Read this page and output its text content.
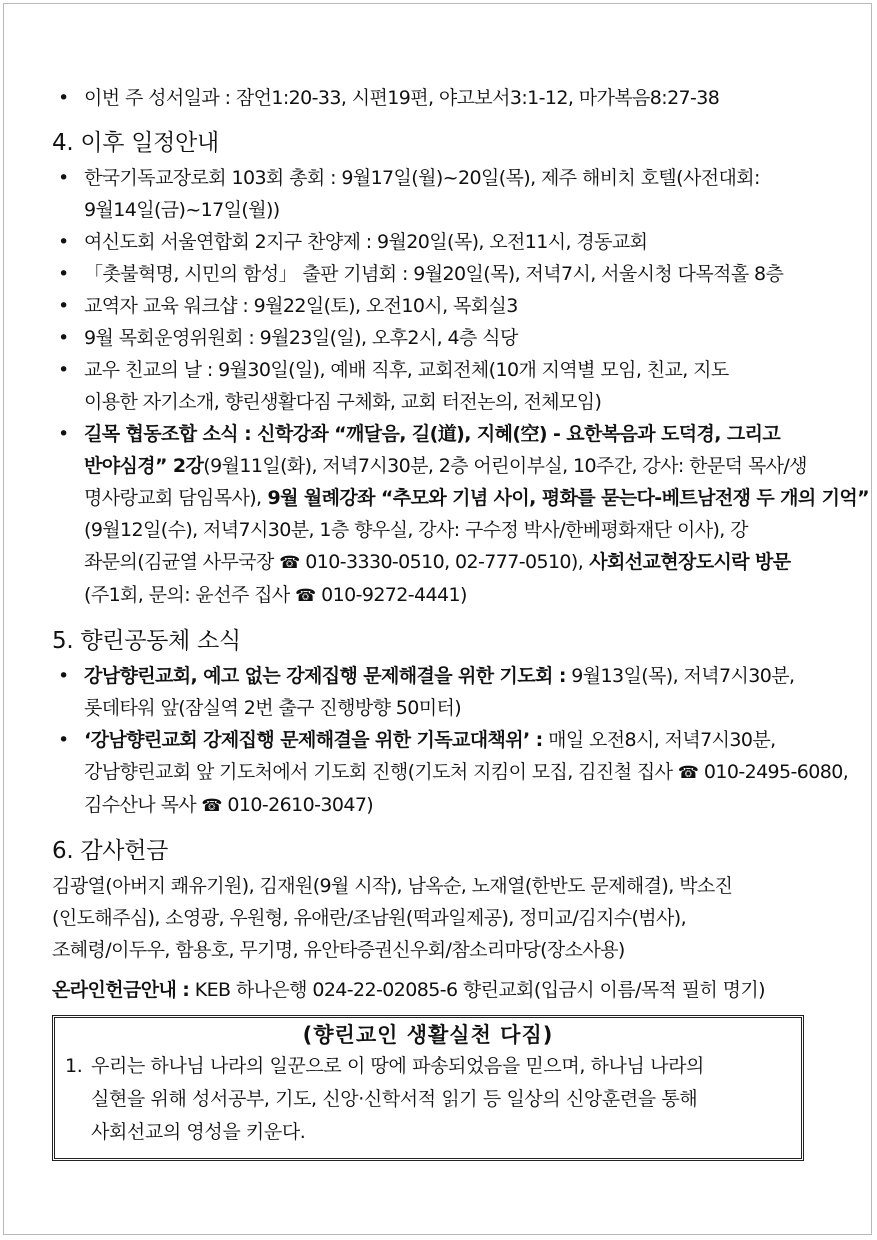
• 이번 주 성서일과 : 잠언1:20-33, 시편19편, 야고보서3:1-12, 마가복음8:27-38
4. 이후 일정안내
• 한국기독교장로회 103회 총회 : 9월17일(월)~20일(목), 제주 해비치 호텔(사전대회:
9월14일(금)~17일(월))
• 여신도회 서울연합회 2지구 찬양제 : 9월20일(목), 오전11시, 경동교회
• 「촛불혁명, 시민의 함성」 출판 기념회 : 9월20일(목), 저녁7시, 서울시청 다목적홀 8층
• 교역자 교육 워크샵 : 9월22일(토), 오전10시, 목회실3
• 9월 목회운영위원회 : 9월23일(일), 오후2시, 4층 식당
• 교우 친교의 날 : 9월30일(일), 예배 직후, 교회전체(10개 지역별 모임, 친교, 지도
이용한 자기소개, 향린생활다짐 구체화, 교회 터전논의, 전체모임)
• 길목 협동조합 소식 : 신학강좌 “깨달음, 길(道), 지혜(空) - 요한복음과 도덕경, 그리고
반야심경” 2강(9월11일(화), 저녁7시30분, 2층 어린이부실, 10주간, 강사: 한문덕 목사/생
명사랑교회 담임목사), 9월 월례강좌 “추모와 기념 사이, 평화를 묻는다-베트남전쟁 두 개의 기억”
(9월12일(수), 저녁7시30분, 1층 향우실, 강사: 구수정 박사/한베평화재단 이사), 강
좌문의(김균열 사무국장 ☎ 010-3330-0510, 02-777-0510), 사회선교현장도시락 방문
(주1회, 문의: 윤선주 집사 ☎ 010-9272-4441)
5. 향린공동체 소식
• 강남향린교회, 예고 없는 강제집행 문제해결을 위한 기도회 : 9월13일(목), 저녁7시30분,
롯데타워 앞(잠실역 2번 출구 진행방향 50미터)
• ‘강남향린교회 강제집행 문제해결을 위한 기독교대책위’ : 매일 오전8시, 저녁7시30분,
강남향린교회 앞 기도처에서 기도회 진행(기도처 지킴이 모집, 김진철 집사 ☎ 010-2495-6080,
김수산나 목사 ☎ 010-2610-3047)
6. 감사헌금
김광열(아버지 쾌유기원), 김재원(9월 시작), 남옥순, 노재열(한반도 문제해결), 박소진
(인도해주심), 소영광, 우원형, 유애란/조남원(떡과일제공), 정미교/김지수(범사),
조혜령/이두우, 함용호, 무기명, 유안타증권신우회/참소리마당(장소사용)
온라인헌금안내 : KEB 하나은행 024-22-02085-6 향린교회(입금시 이름/목적 필히 명기)
(향린교인 생활실천 다짐)
1. 우리는 하나님 나라의 일꾼으로 이 땅에 파송되었음을 믿으며, 하나님 나라의
실현을 위해 성서공부, 기도, 신앙·신학서적 읽기 등 일상의 신앙훈련을 통해
사회선교의 영성을 키운다.
